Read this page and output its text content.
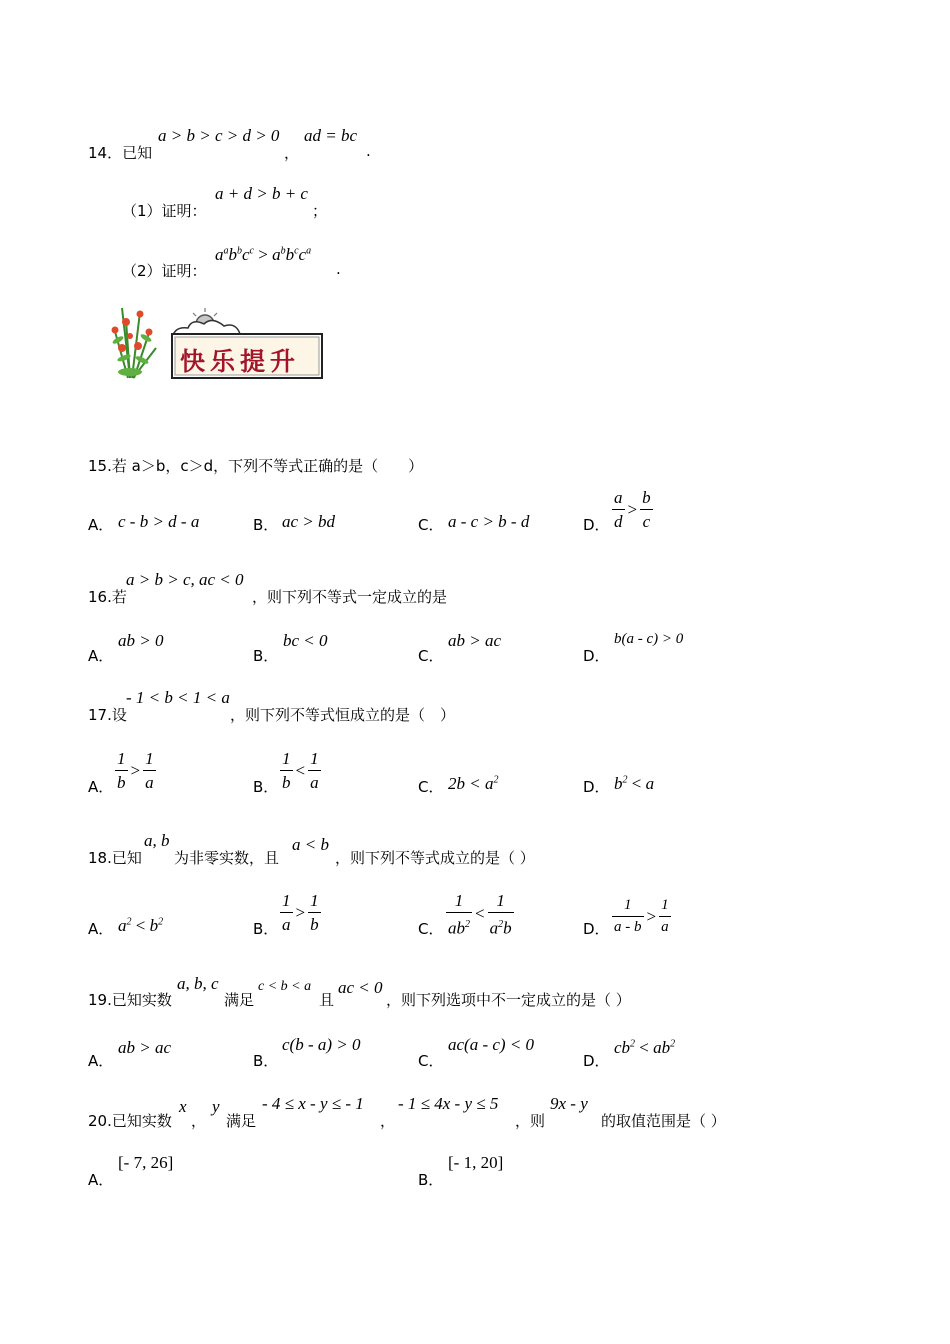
14．已知
a > b > c > d > 0
，
ad = bc
.
（1）证明：
a + d > b + c
；
（2）证明：
$a^ab^bc^c > a^bb^cc^a$
.
快乐提升
15.若 a＞b，c＞d，下列不等式正确的是（　　）
A． c - b > d - a	B． ac > bd	C． a - c > b - d	D． $\frac{a}{d} > \frac{b}{c}$
16.若
a > b > c, ac < 0
，则下列不等式一定成立的是
A．
ab > 0
B．
bc < 0
C．
ab > ac
D．
b(a - c) > 0
17.设
- 1 < b < 1 < a
，则下列不等式恒成立的是（　）
A． $\frac{1}{b} > \frac{1}{a}$	B． $\frac{1}{b} < \frac{1}{a}$	C． $2b < a^2$	D． $b^2 < a$
18.已知
a, b
为非零实数，且
a < b
，则下列不等式成立的是（ ）
A． $a^2 < b^2$	B． $\frac{1}{a} > \frac{1}{b}$	C． $\frac{1}{ab^2} < \frac{1}{a^2b}$	D． $\frac{1}{a - b} > \frac{1}{a}$
19.已知实数
a, b, c
满足
c < b < a
且
ac < 0
，则下列选项中不一定成立的是（ ）
A．
ab > ac
B．
c(b - a) > 0
C．
ac(a - c) < 0
D．
$cb^2 < ab^2$
20.已知实数
x
，
y
满足
- 4 ≤ x - y ≤ - 1
，
- 1 ≤ 4x - y ≤ 5
，则
9x - y
的取值范围是（ ）
A．
[- 7, 26]
B．
[- 1, 20]
